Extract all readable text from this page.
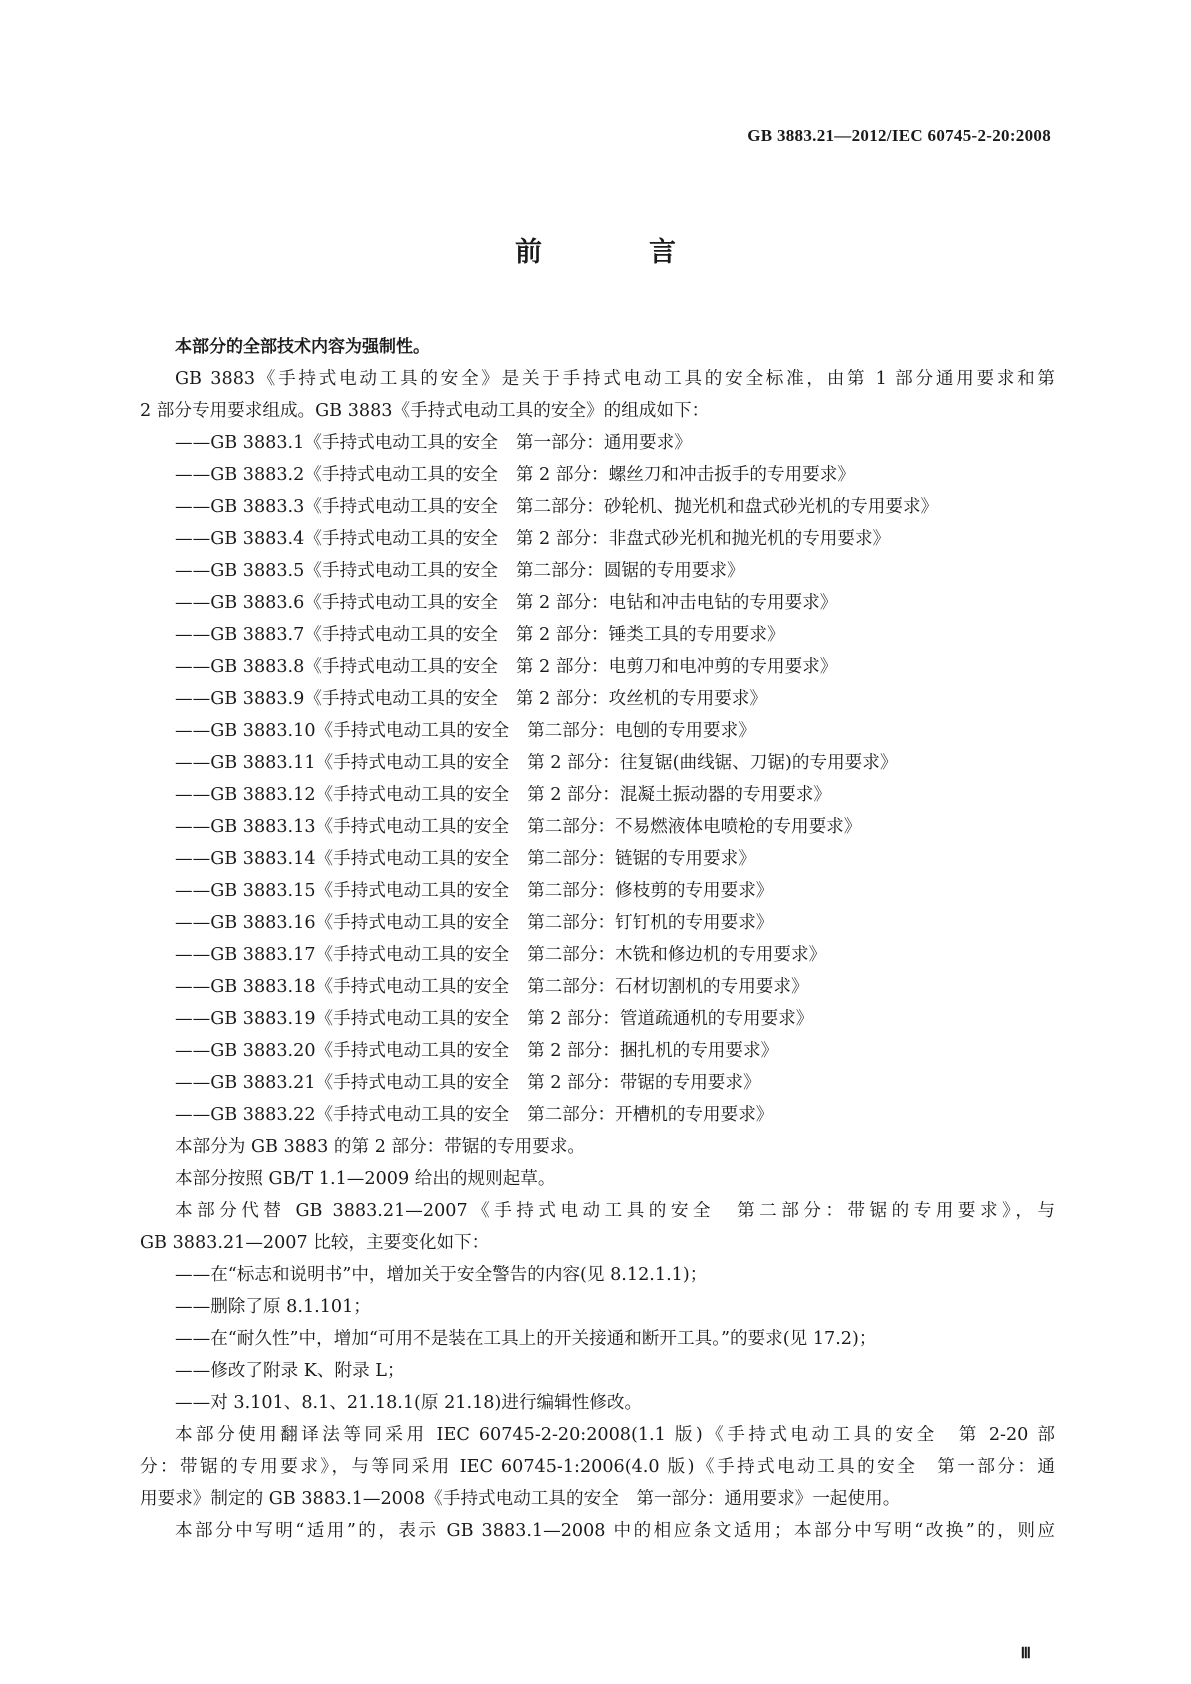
GB 3883.21—2012/IEC 60745-2-20:2008
前　言

本部分的全部技术内容为强制性。

GB 3883《手持式电动工具的安全》是关于手持式电动工具的安全标准，由第 1 部分通用要求和第

2 部分专用要求组成。GB 3883《手持式电动工具的安全》的组成如下：

——GB 3883.1《手持式电动工具的安全 第一部分：通用要求》

——GB 3883.2《手持式电动工具的安全 第 2 部分：螺丝刀和冲击扳手的专用要求》

——GB 3883.3《手持式电动工具的安全 第二部分：砂轮机、抛光机和盘式砂光机的专用要求》

——GB 3883.4《手持式电动工具的安全 第 2 部分：非盘式砂光机和抛光机的专用要求》

——GB 3883.5《手持式电动工具的安全 第二部分：圆锯的专用要求》

——GB 3883.6《手持式电动工具的安全 第 2 部分：电钻和冲击电钻的专用要求》

——GB 3883.7《手持式电动工具的安全 第 2 部分：锤类工具的专用要求》

——GB 3883.8《手持式电动工具的安全 第 2 部分：电剪刀和电冲剪的专用要求》

——GB 3883.9《手持式电动工具的安全 第 2 部分：攻丝机的专用要求》

——GB 3883.10《手持式电动工具的安全 第二部分：电刨的专用要求》

——GB 3883.11《手持式电动工具的安全 第 2 部分：往复锯(曲线锯、刀锯)的专用要求》

——GB 3883.12《手持式电动工具的安全 第 2 部分：混凝土振动器的专用要求》

——GB 3883.13《手持式电动工具的安全 第二部分：不易燃液体电喷枪的专用要求》

——GB 3883.14《手持式电动工具的安全 第二部分：链锯的专用要求》

——GB 3883.15《手持式电动工具的安全 第二部分：修枝剪的专用要求》

——GB 3883.16《手持式电动工具的安全 第二部分：钉钉机的专用要求》

——GB 3883.17《手持式电动工具的安全 第二部分：木铣和修边机的专用要求》

——GB 3883.18《手持式电动工具的安全 第二部分：石材切割机的专用要求》

——GB 3883.19《手持式电动工具的安全 第 2 部分：管道疏通机的专用要求》

——GB 3883.20《手持式电动工具的安全 第 2 部分：捆扎机的专用要求》

——GB 3883.21《手持式电动工具的安全 第 2 部分：带锯的专用要求》

——GB 3883.22《手持式电动工具的安全 第二部分：开槽机的专用要求》

本部分为 GB 3883 的第 2 部分：带锯的专用要求。

本部分按照 GB/T 1.1—2009 给出的规则起草。

本部分代替 GB 3883.21—2007《手持式电动工具的安全　第二部分：带锯的专用要求》，与

GB 3883.21—2007 比较，主要变化如下：

——在“标志和说明书”中，增加关于安全警告的内容(见 8.12.1.1)；

——删除了原 8.1.101；

——在“耐久性”中，增加“可用不是装在工具上的开关接通和断开工具。”的要求(见 17.2)；

——修改了附录 K、附录 L；

——对 3.101、8.1、21.18.1(原 21.18)进行编辑性修改。

本部分使用翻译法等同采用 IEC 60745-2-20:2008(1.1 版)《手持式电动工具的安全　第 2-20 部

分：带锯的专用要求》，与等同采用 IEC 60745-1:2006(4.0 版)《手持式电动工具的安全　第一部分：通

用要求》制定的 GB 3883.1—2008《手持式电动工具的安全　第一部分：通用要求》一起使用。

本部分中写明“适用”的，表示 GB 3883.1—2008 中的相应条文适用；本部分中写明“改换”的，则应

Ⅲ
